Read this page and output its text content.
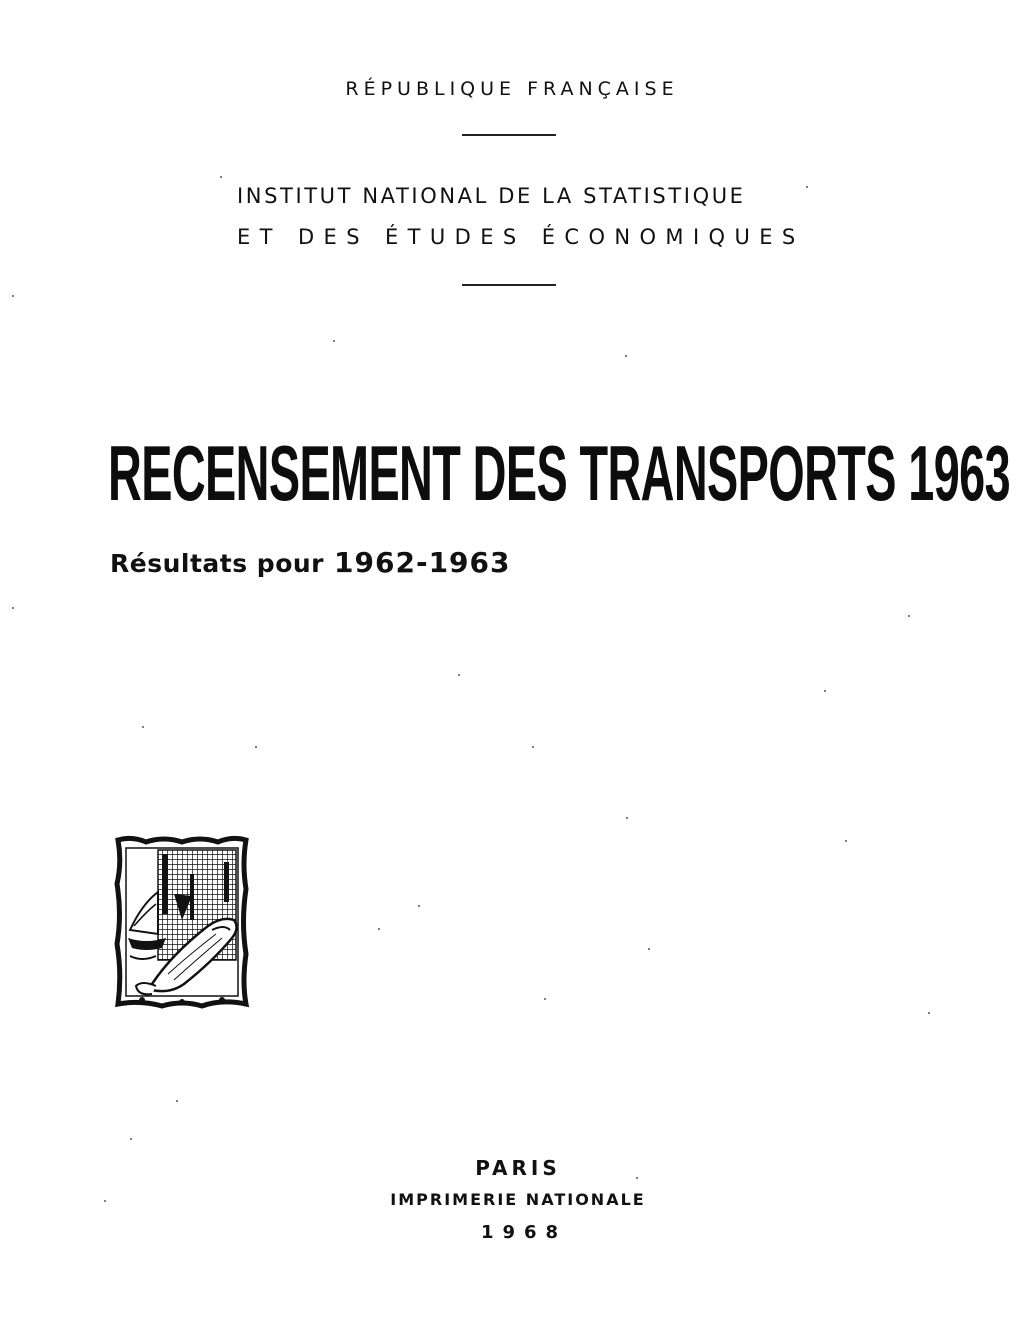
RÉPUBLIQUE FRANÇAISE
INSTITUT NATIONAL DE LA STATISTIQUE
ET DES ÉTUDES ÉCONOMIQUES
RECENSEMENT DES TRANSPORTS 1963
Résultats pour 1962-1963
PARIS
IMPRIMERIE NATIONALE
1968
